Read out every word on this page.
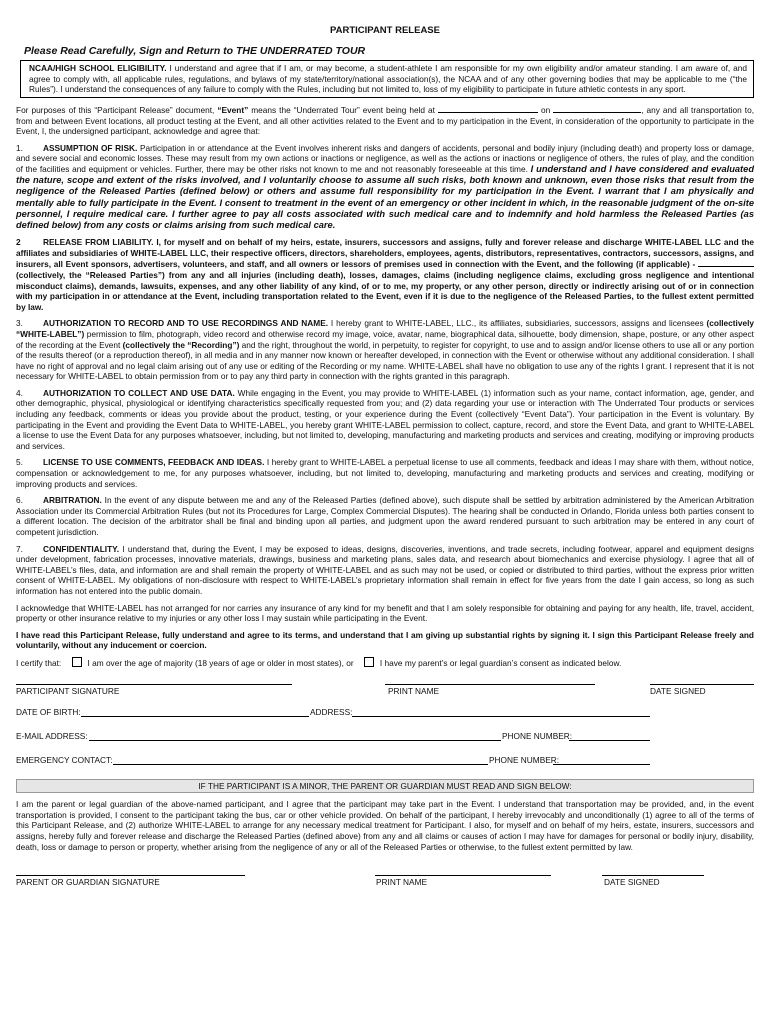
PARTICIPANT RELEASE
Please Read Carefully, Sign and Return to THE UNDERRATED TOUR
NCAA/HIGH SCHOOL ELIGIBILITY. I understand and agree that if I am, or may become, a student-athlete I am responsible for my own eligibility and/or amateur standing. I am aware of, and agree to comply with, all applicable rules, regulations, and bylaws of my state/territory/national association(s), the NCAA and of any other governing bodies that may be applicable to me (“the Rules”). I understand the consequences of any failure to comply with the Rules, including but not limited to, loss of my eligibility to participate in future athletic contests in any sport.
For purposes of this “Participant Release” document, “Event” means the “Underrated Tour” event being held at	on	, any and all transportation to, from and between Event locations, all product testing at the Event, and all other activities related to the Event and to my participation in the Event, in consideration of the opportunity to participate in the Event, I, the undersigned participant, acknowledge and agree that:
1. ASSUMPTION OF RISK. Participation in or attendance at the Event involves inherent risks and dangers of accidents, personal and bodily injury (including death) and property loss or damage, and severe social and economic losses. These may result from my own actions or inactions or negligence, as well as the actions or inactions or negligence of others, the rules of play, and the condition of the facilities and equipment or vehicles. Further, there may be other risks not known to me and not reasonably foreseeable at this time. I understand and I have considered and evaluated the nature, scope and extent of the risks involved, and I voluntarily choose to assume all such risks, both known and unknown, even those risks that result from the negligence of the Released Parties (defined below) or others and assume full responsibility for my participation in the Event. I warrant that I am physically and mentally able to fully participate in the Event. I consent to treatment in the event of an emergency or other incident in which, in the reasonable judgment of the on-site personnel, I require medical care. I further agree to pay all costs associated with such medical care and to indemnify and hold harmless the Released Parties (as defined below) from any costs or claims arising from such medical care.
2	RELEASE FROM LIABILITY. I, for myself and on behalf of my heirs, estate, insurers, successors and assigns, fully and forever release and discharge WHITE-LABEL LLC and the affiliates and subsidiaries of WHITE-LABEL LLC, their respective officers, directors, shareholders, employees, agents, distributors, representatives, contractors, successors, assigns, and insurers, all Event sponsors, advertisers, volunteers, and staff, and all owners or lessors of premises used in connection with the Event, and the following (if applicable) -  (collectively, the “Released Parties”) from any and all injuries (including death), losses, damages, claims (including negligence claims, excluding gross negligence and intentional misconduct claims), demands, lawsuits, expenses, and any other liability of any kind, of or to me, my property, or any other person, directly or indirectly arising out of or in connection with my participation in or attendance at the Event, including transportation related to the Event, even if it is due to the negligence of the Released Parties, to the fullest extent permitted by law.
3. AUTHORIZATION TO RECORD AND TO USE RECORDINGS AND NAME. I hereby grant to WHITE-LABEL, LLC., its affiliates, subsidiaries, successors, assigns and licensees (collectively “WHITE-LABEL”) permission to film, photograph, video record and otherwise record my image, voice, avatar, name, biographical data, silhouette, body dimension, shape, posture, or any other aspect of the recording at the Event (collectively the “Recording”) and the right, throughout the world, in perpetuity, to register for copyright, to use and to assign and/or license others to use all or any portion of the results thereof (or a reproduction thereof), in all media and in any manner now known or hereafter developed, in connection with the Event or otherwise without any additional consideration. I shall have no right of approval and no legal claim arising out of any use or editing of the Recording or my name. WHITE-LABEL shall have no obligation to use any of the rights I grant. I represent that it is not necessary for WHITE-LABEL to obtain permission from or to pay any third party in connection with the rights granted in this paragraph.
4. AUTHORIZATION TO COLLECT AND USE DATA. While engaging in the Event, you may provide to WHITE-LABEL (1) information such as your name, contact information, age, gender, and other demographic, physical, physiological or identifying characteristics specifically requested from you; and (2) data regarding your use or interaction with The Underrated Tour products or services including any feedback, comments or ideas you provide about the product, testing, or your experience during the Event (collectively “Event Data”). Your participation in the Event is voluntary. By participating in the Event and providing the Event Data to WHITE-LABEL, you hereby grant WHITE-LABEL permission to collect, capture, record, and store the Event Data, and grant to WHITE-LABEL a license to use the Event Data for any purposes whatsoever, including, but not limited to, developing, manufacturing and marketing products and services and creating, modifying or improving products and services.
5. LICENSE TO USE COMMENTS, FEEDBACK AND IDEAS. I hereby grant to WHITE-LABEL a perpetual license to use all comments, feedback and ideas I may share with them, without notice, compensation or acknowledgement to me, for any purposes whatsoever, including, but not limited to, developing, manufacturing and marketing products and services and creating, modifying or improving products and services.
6. ARBITRATION. In the event of any dispute between me and any of the Released Parties (defined above), such dispute shall be settled by arbitration administered by the American Arbitration Association under its Commercial Arbitration Rules (but not its Procedures for Large, Complex Commercial Disputes). The hearing shall be conducted in Orlando, Florida unless both parties consent to a different location. The decision of the arbitrator shall be final and binding upon all parties, and judgment upon the award rendered pursuant to such arbitration may be entered in any court of competent jurisdiction.
7. CONFIDENTIALITY. I understand that, during the Event, I may be exposed to ideas, designs, discoveries, inventions, and trade secrets, including footwear, apparel and equipment designs under development, fabrication processes, innovative materials, drawings, business and marketing plans, sales data, and research about biomechanics and exercise physiology. I agree that all of WHITE-LABEL’s files, data, and information are and shall remain the property of WHITE-LABEL and as such may not be used, or copied or distributed to third parties, without the express prior written consent of WHITE-LABEL. My obligations of non-disclosure with respect to WHITE-LABEL’s proprietary information shall remain in effect for five years from the date I gain access, so long as such information has not entered into the public domain.
I acknowledge that WHITE-LABEL has not arranged for nor carries any insurance of any kind for my benefit and that I am solely responsible for obtaining and paying for any health, life, travel, accident, property or other insurance relative to my injuries or any other loss I may sustain while participating in the Event.
I have read this Participant Release, fully understand and agree to its terms, and understand that I am giving up substantial rights by signing it. I sign this Participant Release freely and voluntarily, without any inducement or coercion.
I certify that:	I am over the age of majority (18 years of age or older in most states), or	I have my parent’s or legal guardian’s consent as indicated below.
PARTICIPANT SIGNATURE	PRINT NAME	DATE SIGNED
DATE OF BIRTH:	ADDRESS:
E-MAIL ADDRESS:	PHONE NUMBER:
EMERGENCY CONTACT:	PHONE NUMBER:
IF THE PARTICIPANT IS A MINOR, THE PARENT OR GUARDIAN MUST READ AND SIGN BELOW:
I am the parent or legal guardian of the above-named participant, and I agree that the participant may take part in the Event. I understand that transportation may be provided, and, in the event transportation is provided, I consent to the participant taking the bus, car or other vehicle provided. On behalf of the participant, I hereby irrevocably and unconditionally (1) agree to all of the terms of this Participant Release, and (2) authorize WHITE-LABEL to arrange for any necessary medical treatment for Participant. I also, for myself and on behalf of my heirs, estate, insurers, successors and assigns, hereby fully and forever release and discharge the Released Parties (defined above) from any and all claims or causes of action I may have for damages for personal or bodily injury, disability, death, loss or damage to person or property, whether arising from the negligence of any or all of the Released Parties or otherwise, to the fullest extent permitted by law.
PARENT OR GUARDIAN SIGNATURE	PRINT NAME	DATE SIGNED
